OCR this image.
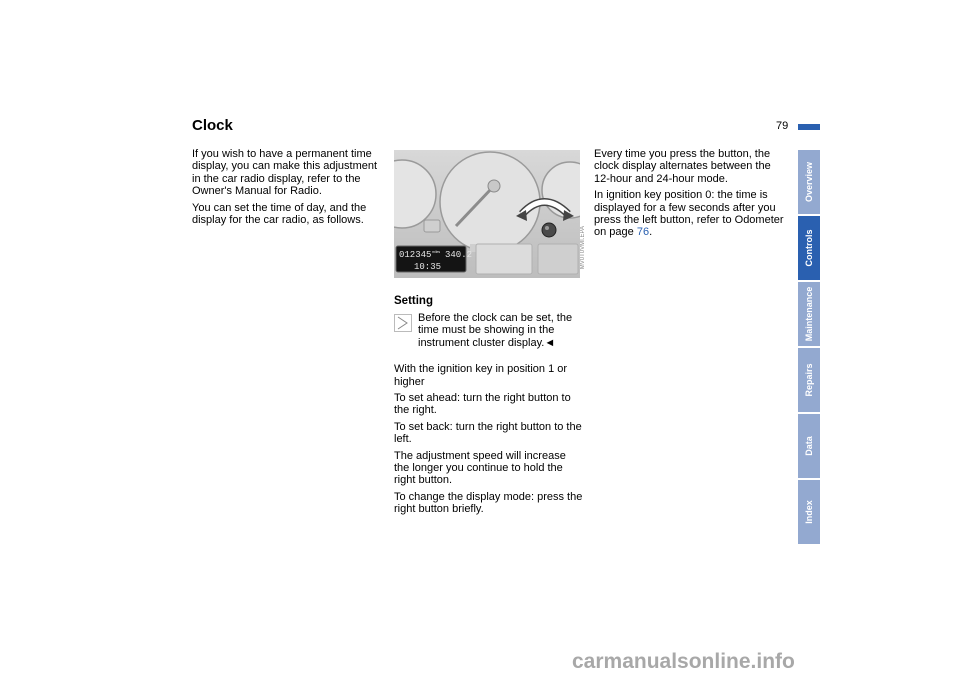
Clock	79

If you wish to have a permanent time display, you can make this adjustment in the car radio display, refer to the Owner's Manual for Radio.

You can set the time of day, and the display for the car radio, as follows.

012345 miles 340.2
10:35	MV0T0VMI.EPA
Setting

Before the clock can be set, the time must be showing in the instrument cluster display.◄

With the ignition key in position 1 or higher

To set ahead: turn the right button to the right.

To set back: turn the right button to the left.

The adjustment speed will increase the longer you continue to hold the right button.

To change the display mode: press the right button briefly.

Every time you press the button, the clock display alternates between the 12-hour and 24-hour mode.

In ignition key position 0: the time is displayed for a few seconds after you press the left button, refer to Odometer on page 76.

Overview
Controls
Maintenance
Repairs
Data
Index
carmanualsonline.info
